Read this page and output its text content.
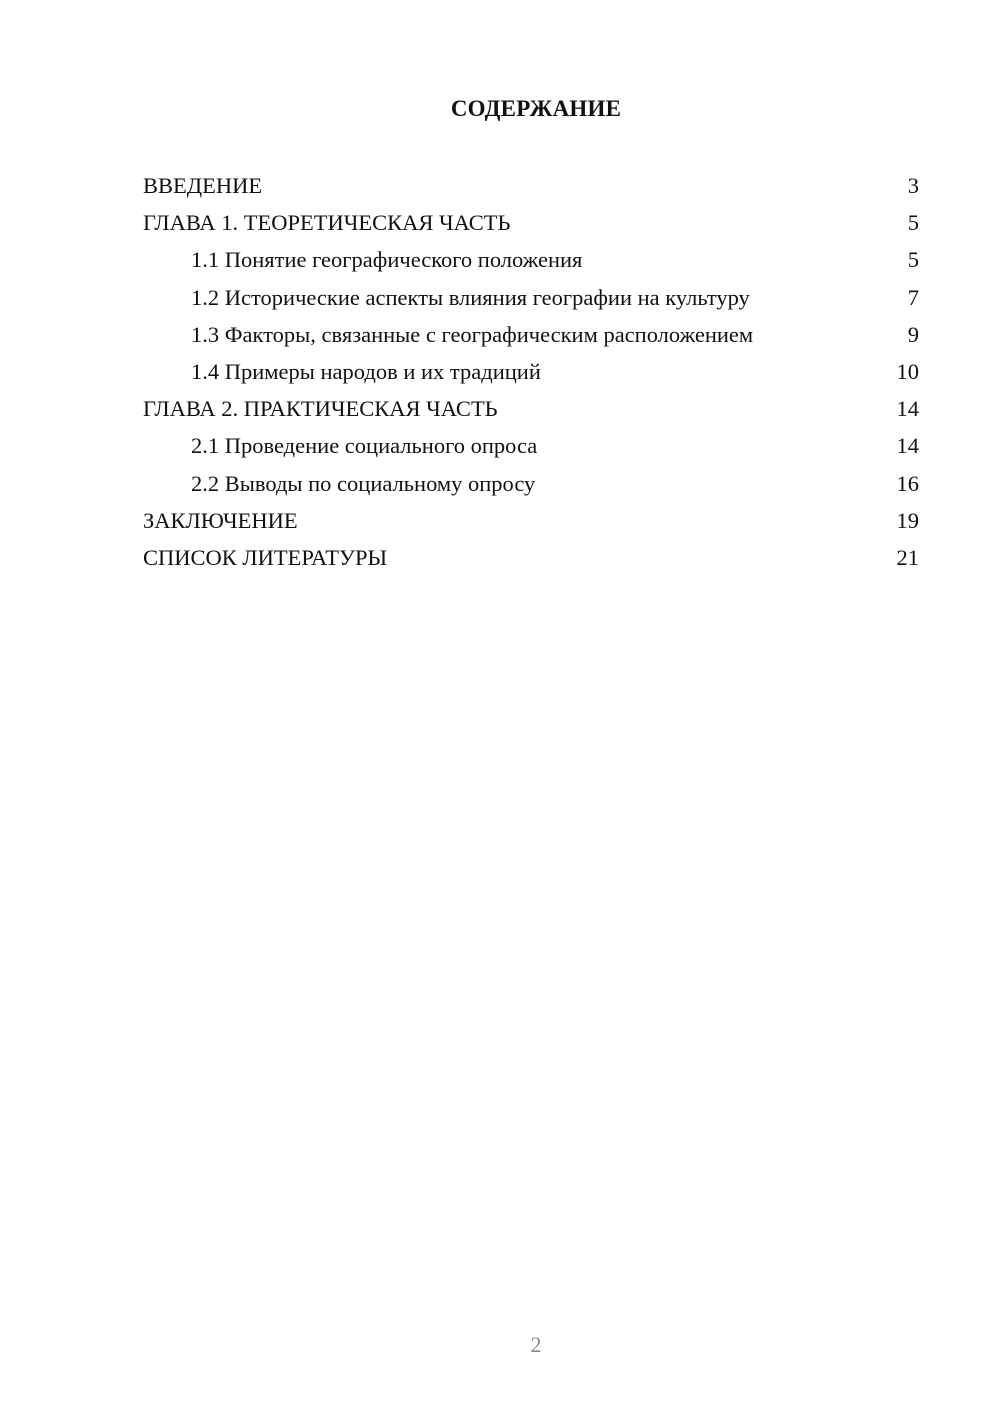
СОДЕРЖАНИЕ
ВВЕДЕНИЕ	3
ГЛАВА 1. ТЕОРЕТИЧЕСКАЯ ЧАСТЬ	5
1.1 Понятие географического положения	5
1.2 Исторические аспекты влияния географии на культуру	7
1.3 Факторы, связанные с географическим расположением	9
1.4 Примеры народов и их традиций	10
ГЛАВА 2. ПРАКТИЧЕСКАЯ ЧАСТЬ	14
2.1 Проведение социального опроса	14
2.2 Выводы по социальному опросу	16
ЗАКЛЮЧЕНИЕ	19
СПИСОК ЛИТЕРАТУРЫ	21
2
